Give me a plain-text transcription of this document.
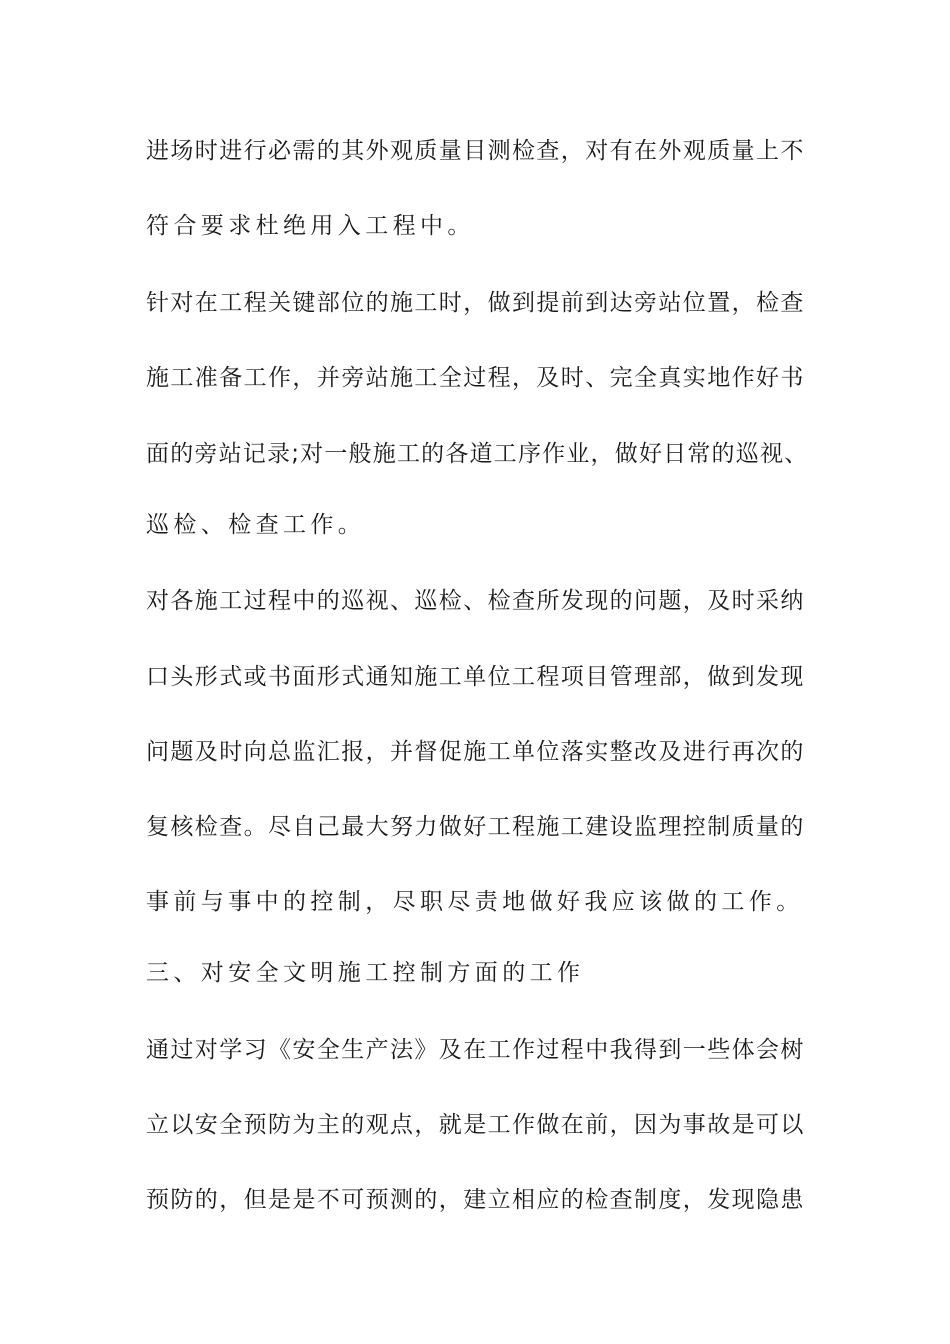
进场时进行必需的其外观质量目测检查，对有在外观质量上不
符合要求杜绝用入工程中。
针对在工程关键部位的施工时，做到提前到达旁站位置，检查
施工准备工作，并旁站施工全过程，及时、完全真实地作好书
面的旁站记录;对一般施工的各道工序作业，做好日常的巡视、
巡检、检查工作。
对各施工过程中的巡视、巡检、检查所发现的问题，及时采纳
口头形式或书面形式通知施工单位工程项目管理部，做到发现
问题及时向总监汇报，并督促施工单位落实整改及进行再次的
复核检查。尽自己最大努力做好工程施工建设监理控制质量的
事前与事中的控制，尽职尽责地做好我应该做的工作。
三、对安全文明施工控制方面的工作
通过对学习《安全生产法》及在工作过程中我得到一些体会树
立以安全预防为主的观点，就是工作做在前，因为事故是可以
预防的，但是是不可预测的，建立相应的检查制度，发现隐患
